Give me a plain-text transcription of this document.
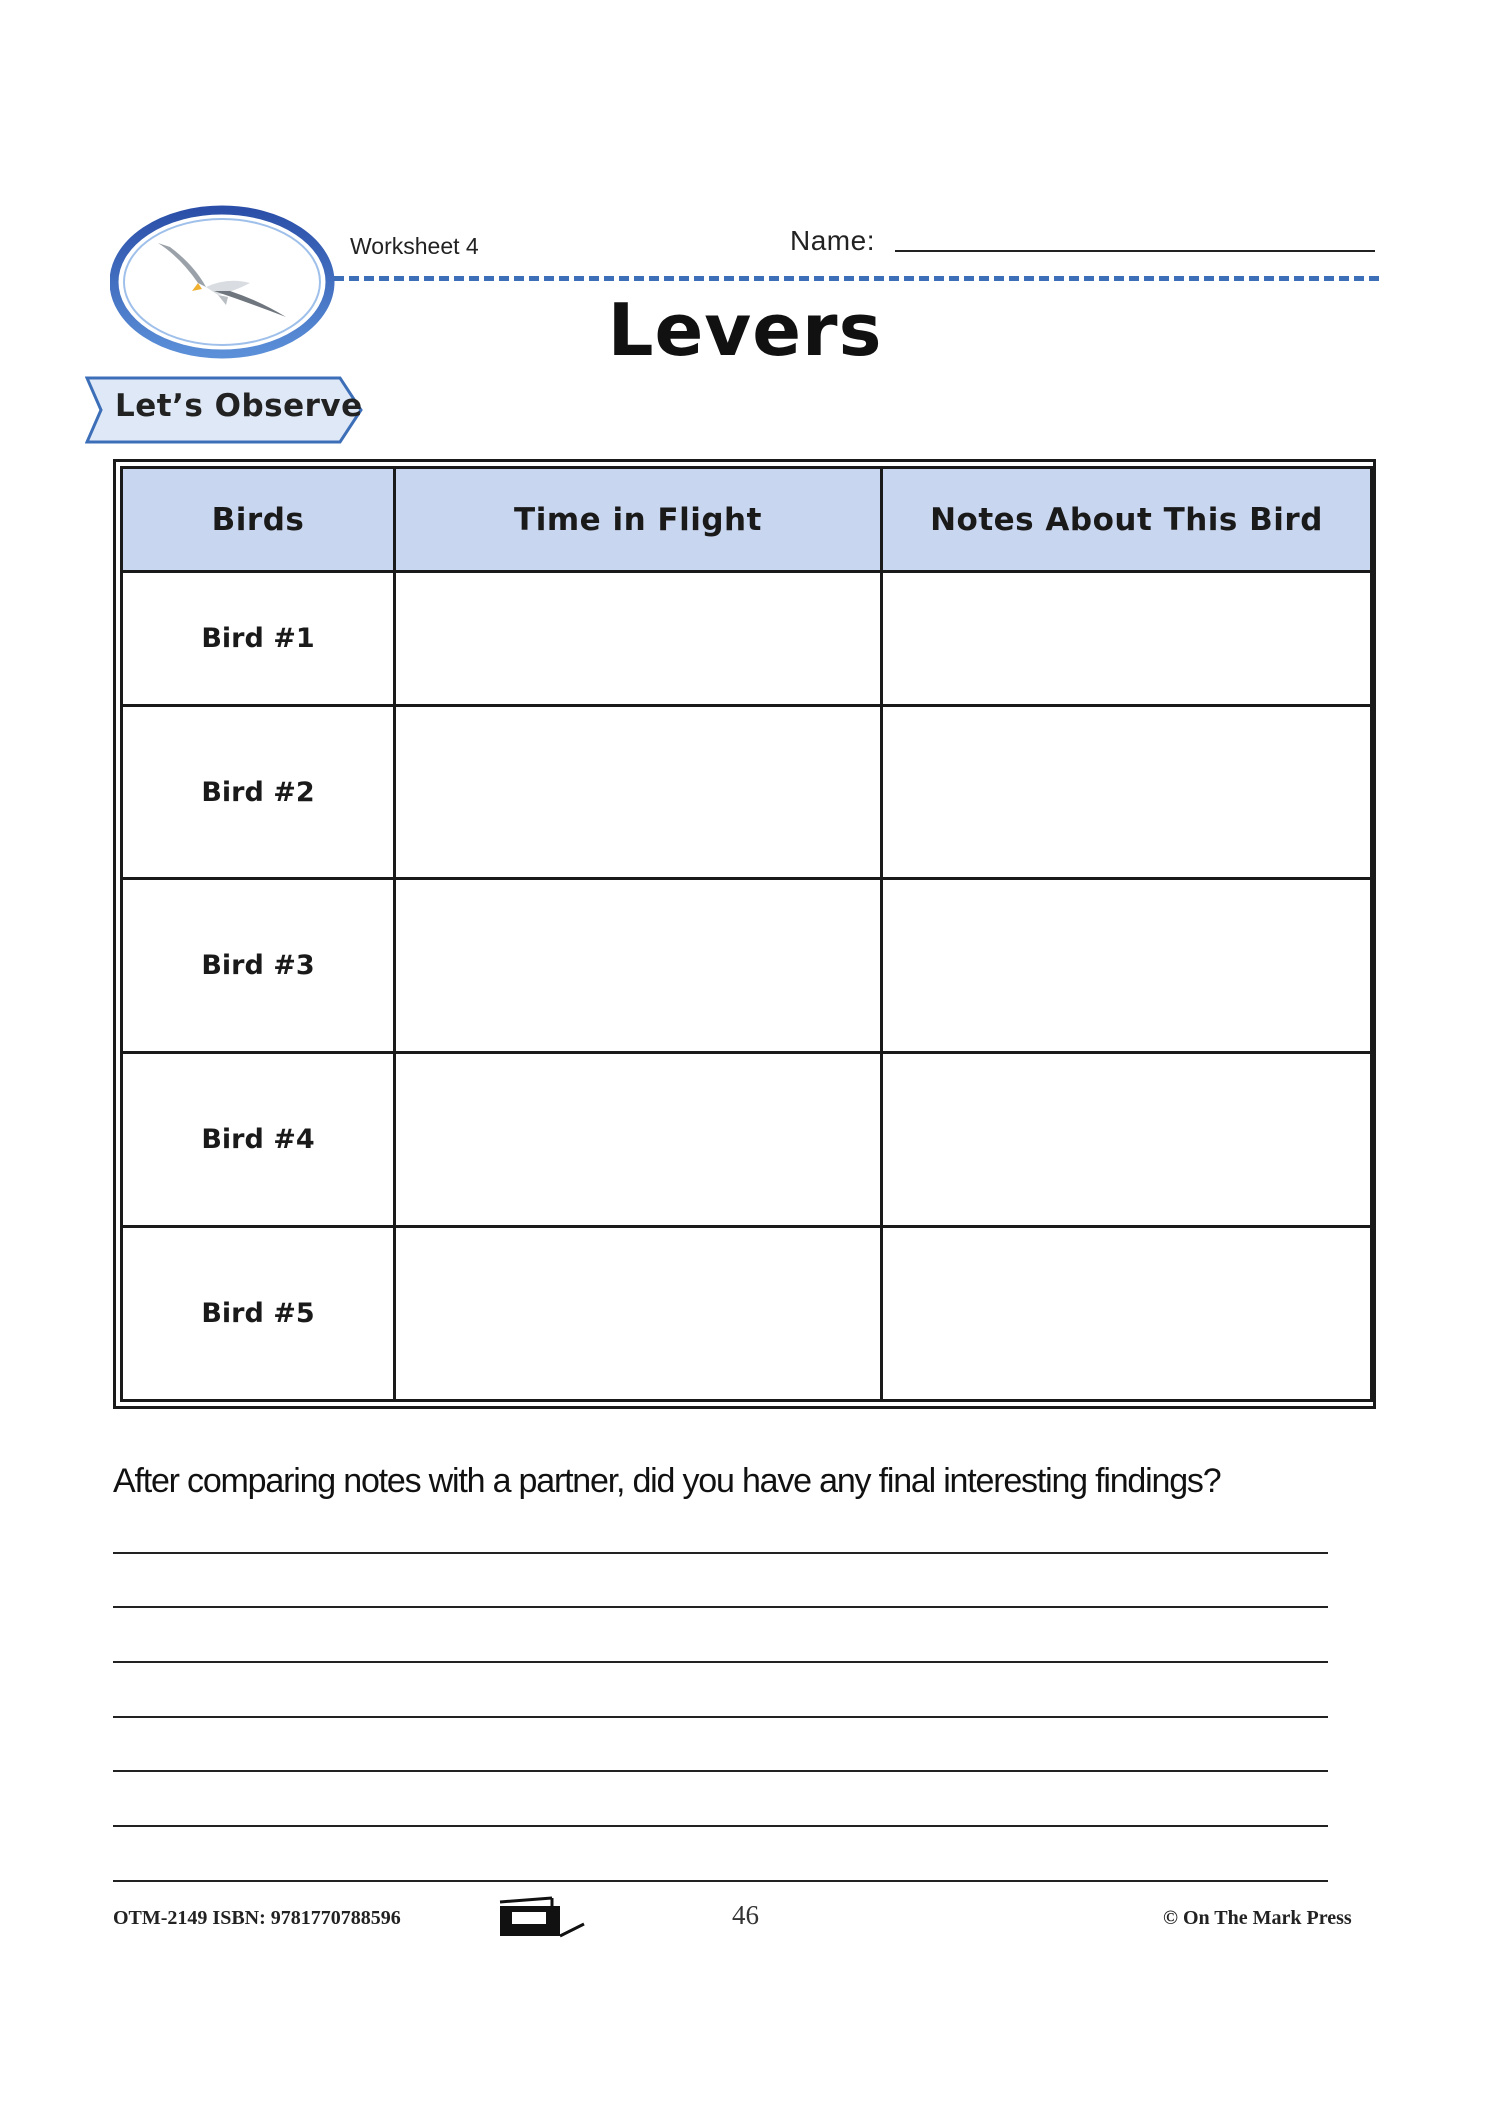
Worksheet 4	Name:
Levers
Let’s Observe
Birds	Time in Flight	Notes About This Bird
Bird #1		
Bird #2		
Bird #3		
Bird #4		
Bird #5		
After comparing notes with a partner, did you have any final interesting findings?
OTM-2149 ISBN: 9781770788596	46	© On The Mark Press
